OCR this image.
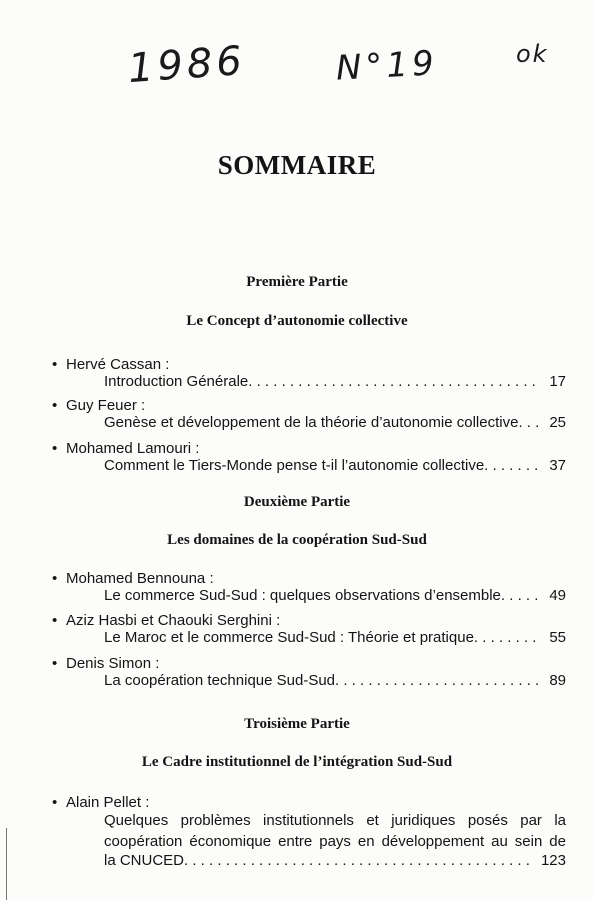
1986	N°19	ok
SOMMAIRE
Première Partie
Le Concept d’autonomie collective
• Hervé Cassan :
Introduction Générale . . .	17
• Guy Feuer :
Genèse et développement de la théorie d’autonomie collective . . . 25
• Mohamed Lamouri :
Comment le Tiers-Monde pense t-il l’autonomie collective . . .	37
Deuxième Partie
Les domaines de la coopération Sud-Sud
• Mohamed Bennouna :
Le commerce Sud-Sud : quelques observations d’ensemble . . .	49
• Aziz Hasbi et Chaouki Serghini :
Le Maroc et le commerce Sud-Sud : Théorie et pratique . . .	55
• Denis Simon :
La coopération technique Sud-Sud . . .	89
Troisième Partie
Le Cadre institutionnel de l’intégration Sud-Sud
• Alain Pellet :
Quelques problèmes institutionnels et juridiques posés par la
coopération économique entre pays en développement au sein de
la CNUCED . . .	123
